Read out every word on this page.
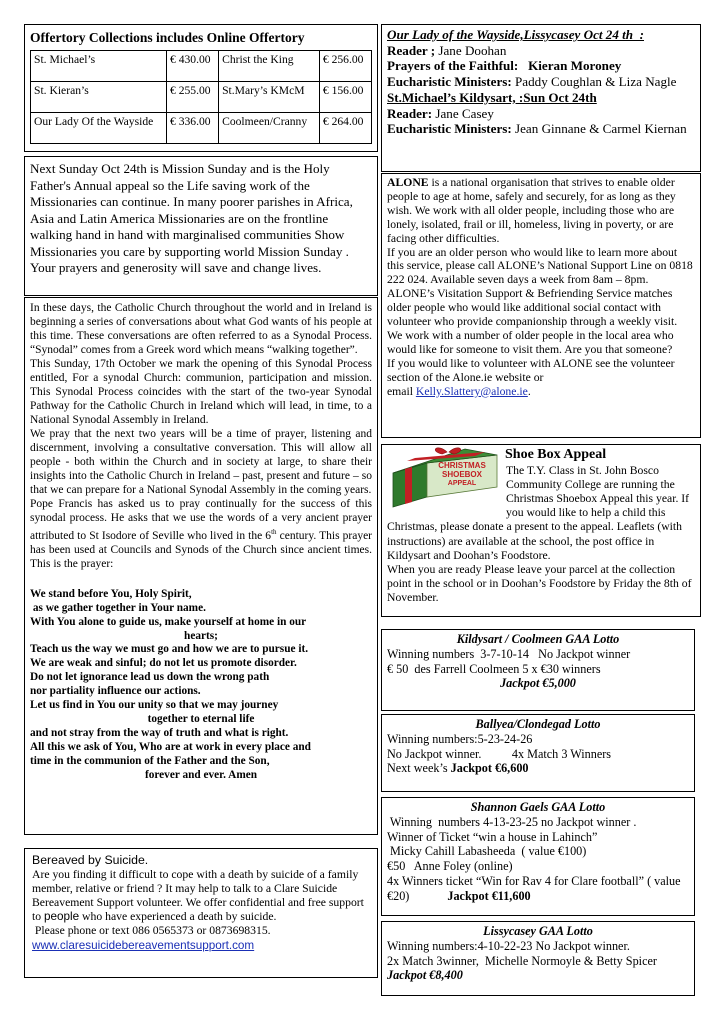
Offertory Collections includes Online Offertory
St. Michael’s	€ 430.00	Christ the King	€ 256.00
St. Kieran’s	€ 255.00	St.Mary’s KMcM	€ 156.00
Our Lady Of the Wayside	€ 336.00	Coolmeen/Cranny	€ 264.00

Next Sunday Oct 24th is Mission Sunday and is the Holy Father's Annual appeal so the Life saving work of the Missionaries can continue. In many poorer parishes in Africa, Asia and Latin America Missionaries are on the frontline walking hand in hand with marginalised communities Show Missionaries you care by supporting world Mission Sunday . Your prayers and generosity will save and change lives.

In these days, the Catholic Church throughout the world and in Ireland is beginning a series of conversations about what God wants of his people at this time. These conversations are often referred to as a Synodal Process. “Synodal” comes from a Greek word which means “walking together”.

This Sunday, 17th October we mark the opening of this Synodal Process entitled, For a synodal Church: communion, participation and mission. This Synodal Process coincides with the start of the two-year Synodal Pathway for the Catholic Church in Ireland which will lead, in time, to a National Synodal Assembly in Ireland.

We pray that the next two years will be a time of prayer, listening and discernment, involving a consultative conversation. This will allow all people - both within the Church and in society at large, to share their insights into the Catholic Church in Ireland – past, present and future – so that we can prepare for a National Synodal Assembly in the coming years.

Pope Francis has asked us to pray continually for the success of this synodal process. He asks that we use the words of a very ancient prayer attributed to St Isodore of Seville who lived in the 6th century. This prayer has been used at Councils and Synods of the Church since ancient times. This is the prayer:

We stand before You, Holy Spirit,
as we gather together in Your name.
With You alone to guide us, make yourself at home in our
hearts;
Teach us the way we must go and how we are to pursue it.
We are weak and sinful; do not let us promote disorder.
Do not let ignorance lead us down the wrong path
nor partiality influence our actions.
Let us find in You our unity so that we may journey
together to eternal life
and not stray from the way of truth and what is right.
All this we ask of You, Who are at work in every place and
time in the communion of the Father and the Son,
forever and ever. Amen
Bereaved by Suicide.

Are you finding it difficult to cope with a death by suicide of a family member, relative or friend ? It may help to talk to a Clare Suicide Bereavement Support volunteer. We offer confidential and free support to people who have experienced a death by suicide.

Please phone or text 086 0565373 or 0873698315.

www.claresuicidebereavementsupport.com

Our Lady of the Wayside,Lissycasey Oct 24 th  :
Reader ; Jane Doohan
Prayers of the Faithful:   Kieran Moroney
Eucharistic Ministers: Paddy Coughlan & Liza Nagle
St.Michael’s Kildysart, :Sun Oct 24th
Reader: Jane Casey
Eucharistic Ministers: Jean Ginnane & Carmel Kiernan

ALONE is a national organisation that strives to enable older people to age at home, safely and securely, for as long as they wish. We work with all older people, including those who are lonely, isolated, frail or ill, homeless, living in poverty, or are facing other difficulties.

If you are an older person who would like to learn more about this service, please call ALONE’s National Support Line on 0818 222 024. Available seven days a week from 8am – 8pm.

ALONE’s Visitation Support & Befriending Service matches older people who would like additional social contact with volunteer who provide companionship through a weekly visit. We work with a number of older people in the local area who would like for someone to visit them. Are you that someone?

If you would like to volunteer with ALONE see the volunteer section of the Alone.ie website or

email Kelly.Slattery@alone.ie.

Shoe Box Appeal
CHRISTMAS
SHOEBOX
APPEAL

The T.Y. Class in St. John Bosco Community College are running the Christmas Shoebox Appeal this year. If you would like to help a child this Christmas, please donate a present to the appeal. Leaflets (with instructions) are available at the school, the post office in Kildysart and Doohan’s Foodstore.

When you are ready Please leave your parcel at the collection point in the school or in Doohan’s Foodstore by Friday the 8th of November.

Kildysart / Coolmeen GAA Lotto
Winning numbers  3-7-10-14   No Jackpot winner
€ 50  des Farrell Coolmeen 5 x €30 winners
Jackpot €5,000
Ballyea/Clondegad Lotto
Winning numbers:5-23-24-26
No Jackpot winner.          4x Match 3 Winners
Next week’s Jackpot €6,600
Shannon Gaels GAA Lotto
Winning  numbers 4-13-23-25 no Jackpot winner .
Winner of Ticket “win a house in Lahinch”
Micky Cahill Labasheeda  ( value €100)
€50   Anne Foley (online)
4x Winners ticket “Win for Rav 4 for Clare football” ( value €20)	Jackpot €11,600
Lissycasey GAA Lotto
Winning numbers:4-10-22-23 No Jackpot winner.
2x Match 3winner,  Michelle Normoyle & Betty Spicer    Jackpot €8,400
